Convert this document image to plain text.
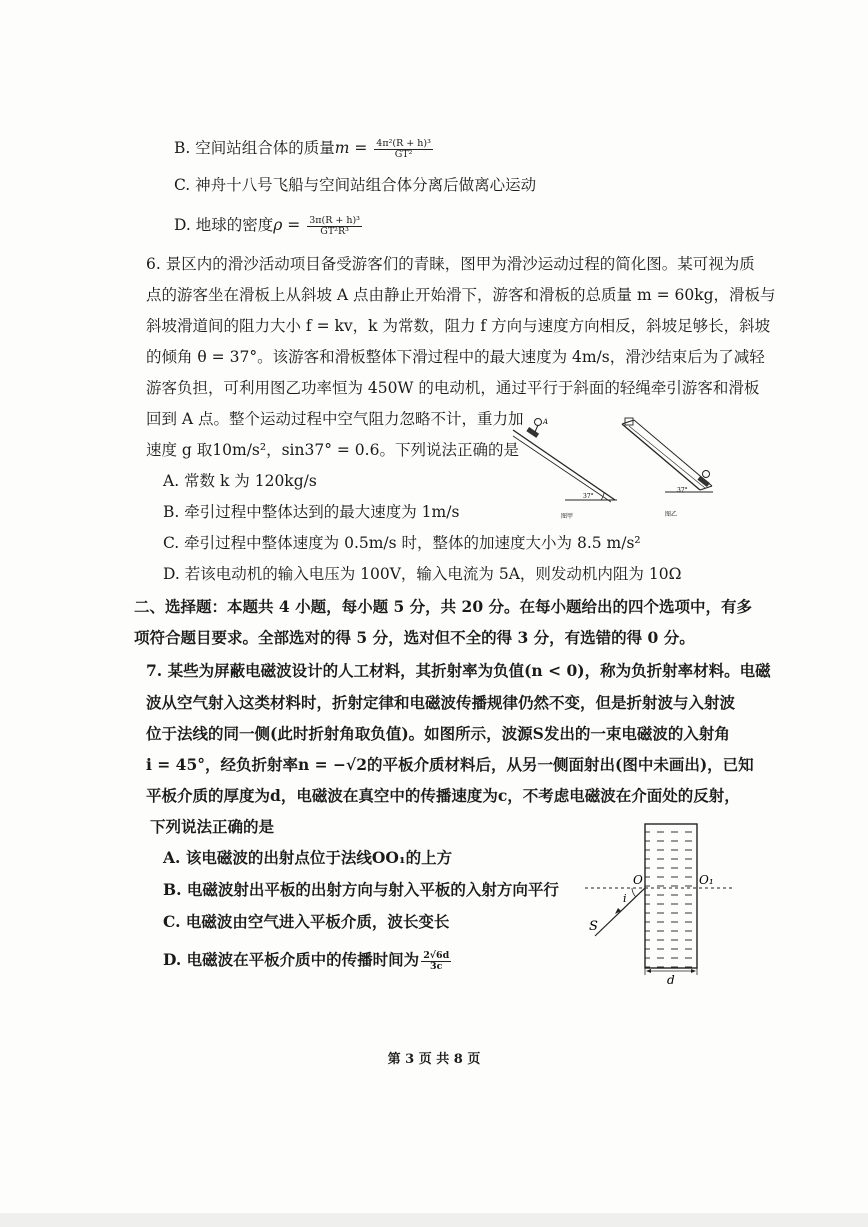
B. 空间站组合体的质量$m = \frac{\text{4π²(R + h)³}}{\text{GT²}}$
C. 神舟十八号飞船与空间站组合体分离后做离心运动
D. 地球的密度$\rho = \frac{\text{3π(R + h)³}}{\text{GT²R³}}$
6. 景区内的滑沙活动项目备受游客们的青睐，图甲为滑沙运动过程的简化图。某可视为质
点的游客坐在滑板上从斜坡 A 点由静止开始滑下，游客和滑板的总质量 m = 60kg，滑板与
斜坡滑道间的阻力大小 f = kv，k 为常数，阻力 f 方向与速度方向相反，斜坡足够长，斜坡
的倾角 θ = 37°。该游客和滑板整体下滑过程中的最大速度为 4m/s，滑沙结束后为了减轻
游客负担，可利用图乙功率恒为 450W 的电动机，通过平行于斜面的轻绳牵引游客和滑板
回到 A 点。整个运动过程中空气阻力忽略不计，重力加
速度 g 取10m/s²，sin37° = 0.6。下列说法正确的是
A. 常数 k 为 120kg/s
B. 牵引过程中整体达到的最大速度为 1m/s
C. 牵引过程中整体速度为 0.5m/s 时，整体的加速度大小为 8.5 m/s²
D. 若该电动机的输入电压为 100V，输入电流为 5A，则发动机内阻为 10Ω
37°
A
图甲
37°
图乙
二、选择题：本题共 4 小题，每小题 5 分，共 20 分。在每小题给出的四个选项中，有多
项符合题目要求。全部选对的得 5 分，选对但不全的得 3 分，有选错的得 0 分。
7. 某些为屏蔽电磁波设计的人工材料，其折射率为负值(n < 0)，称为负折射率材料。电磁
波从空气射入这类材料时，折射定律和电磁波传播规律仍然不变，但是折射波与入射波
位于法线的同一侧(此时折射角取负值)。如图所示，波源S发出的一束电磁波的入射角
i = 45°，经负折射率n = −√2的平板介质材料后，从另一侧面射出(图中未画出)，已知
平板介质的厚度为d，电磁波在真空中的传播速度为c，不考虑电磁波在介面处的反射，
下列说法正确的是
A. 该电磁波的出射点位于法线OO₁的上方
B. 电磁波射出平板的出射方向与射入平板的入射方向平行
C. 电磁波由空气进入平板介质，波长变长
D. 电磁波在平板介质中的传播时间为 $\frac{2√6d}{3c}$
O	O₁
i
S
d
第 3 页 共 8 页
